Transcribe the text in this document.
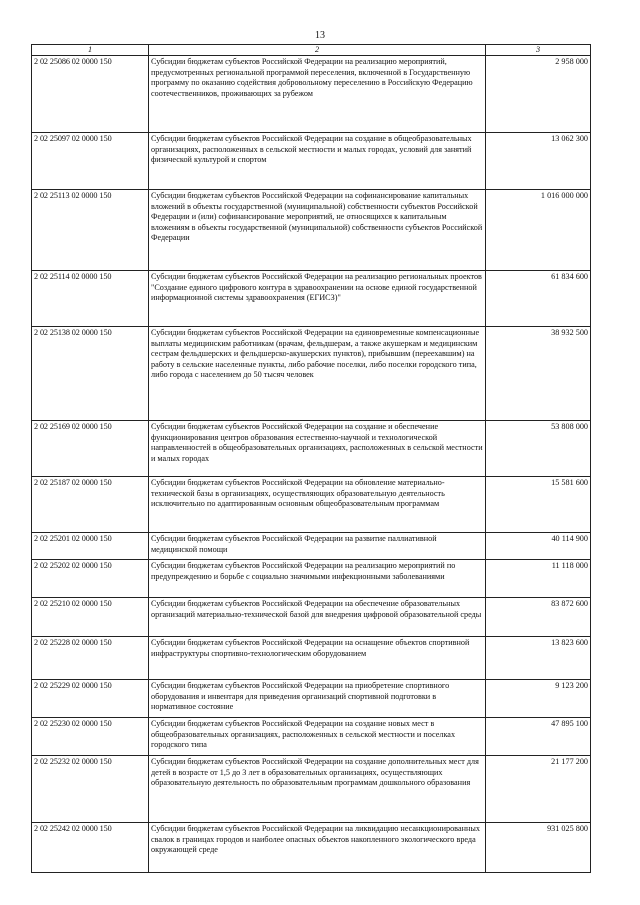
13
1	2	3
2 02 25086 02 0000 150	Субсидии бюджетам субъектов Российской Федерации на реализацию мероприятий, предусмотренных региональной программой переселения, включенной в Государственную программу по оказанию содействия добровольному переселению в Российскую Федерацию соотечественников, проживающих за рубежом	2 958 000
2 02 25097 02 0000 150	Субсидии бюджетам субъектов Российской Федерации на создание в общеобразовательных организациях, расположенных в сельской местности и малых городах, условий для занятий физической культурой и спортом	13 062 300
2 02 25113 02 0000 150	Субсидии бюджетам субъектов Российской Федерации на софинансирование капитальных вложений в объекты государственной (муниципальной) собственности субъектов Российской Федерации и (или) софинансирование мероприятий, не относящихся к капитальным вложениям в объекты государственной (муниципальной) собственности субъектов Российской Федерации	1 016 000 000
2 02 25114 02 0000 150	Субсидии бюджетам субъектов Российской Федерации на реализацию региональных проектов "Создание единого цифрового контура в здравоохранении на основе единой государственной информационной системы здравоохранения (ЕГИСЗ)"	61 834 600
2 02 25138 02 0000 150	Субсидии бюджетам субъектов Российской Федерации на единовременные компенсационные выплаты медицинским работникам (врачам, фельдшерам, а также акушеркам и медицинским сестрам фельдшерских и фельдшерско-акушерских пунктов), прибывшим (переехавшим) на работу в сельские населенные пункты, либо рабочие поселки, либо поселки городского типа, либо города с населением до 50 тысяч человек	38 932 500
2 02 25169 02 0000 150	Субсидии бюджетам субъектов Российской Федерации на создание и обеспечение функционирования центров образования естественно-научной и технологической направленностей в общеобразовательных организациях, расположенных в сельской местности и малых городах	53 808 000
2 02 25187 02 0000 150	Субсидии бюджетам субъектов Российской Федерации на обновление материально-технической базы в организациях, осуществляющих образовательную деятельность исключительно по адаптированным основным общеобразовательным программам	15 581 600
2 02 25201 02 0000 150	Субсидии бюджетам субъектов Российской Федерации на развитие паллиативной медицинской помощи	40 114 900
2 02 25202 02 0000 150	Субсидии бюджетам субъектов Российской Федерации на реализацию мероприятий по предупреждению и борьбе с социально значимыми инфекционными заболеваниями	11 118 000
2 02 25210 02 0000 150	Субсидии бюджетам субъектов Российской Федерации на обеспечение образовательных организаций материально-технической базой для внедрения цифровой образовательной среды	83 872 600
2 02 25228 02 0000 150	Субсидии бюджетам субъектов Российской Федерации на оснащение объектов спортивной инфраструктуры спортивно-технологическим оборудованием	13 823 600
2 02 25229 02 0000 150	Субсидии бюджетам субъектов Российской Федерации на приобретение спортивного оборудования и инвентаря для приведения организаций спортивной подготовки в нормативное состояние	9 123 200
2 02 25230 02 0000 150	Субсидии бюджетам субъектов Российской Федерации на создание новых мест в общеобразовательных организациях, расположенных в сельской местности и поселках городского типа	47 895 100
2 02 25232 02 0000 150	Субсидии бюджетам субъектов Российской Федерации на создание дополнительных мест для детей в возрасте от 1,5 до 3 лет в образовательных организациях, осуществляющих образовательную деятельность по образовательным программам дошкольного образования	21 177 200
2 02 25242 02 0000 150	Субсидии бюджетам субъектов Российской Федерации на ликвидацию несанкционированных свалок в границах городов и наиболее опасных объектов накопленного экологического вреда окружающей среде	931 025 800
